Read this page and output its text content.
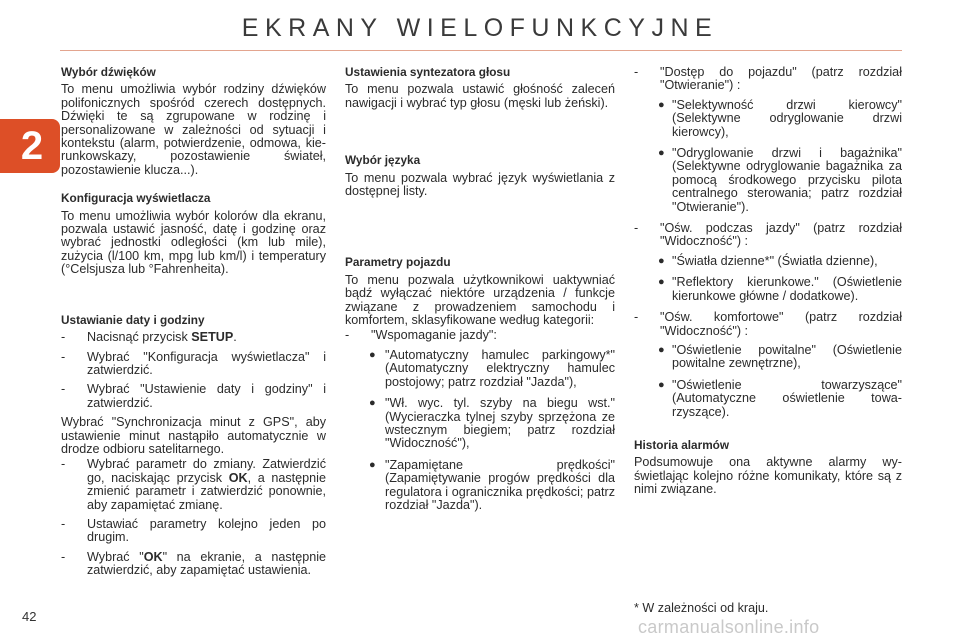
EKRANY WIELOFUNKCYJNE
2
Wybór dźwięków

To menu umożliwia wybór rodziny dźwięków polifonicznych spośród czerech dostępnych. Dźwięki te są zgrupowane w rodzinę i personalizowane w zależności od sytuacji i kontekstu (alarm, potwierdzenie, odmowa, kierunkowskazy, pozostawienie świateł, pozostawienie klucza...).

Konfiguracja wyświetlacza

To menu umożliwia wybór kolorów dla ekranu, pozwala ustawić jasność, datę i godzinę oraz wybrać jednostki odległości (km lub mile), zużycia (l/100 km, mpg lub km/l) i temperatury (°Celsjusza lub °Fahrenheita).

Ustawianie daty i godziny
- Nacisnąć przycisk SETUP.
- Wybrać "Konfiguracja wyświetlacza" i zatwierdzić.
- Wybrać "Ustawienie daty i godziny" i zatwierdzić.

Wybrać "Synchronizacja minut z GPS", aby ustawienie minut nastąpiło automatycznie w drodze odbioru satelitarnego.

- Wybrać parametr do zmiany. Zatwierdzić go, naciskając przycisk OK, a następnie zmienić parametr i zatwierdzić ponownie, aby zapamiętać zmianę.
- Ustawiać parametry kolejno jeden po drugim.
- Wybrać "OK" na ekranie, a następnie zatwierdzić, aby zapamiętać ustawienia.
Ustawienia syntezatora głosu

To menu pozwala ustawić głośność zaleceń nawigacji i wybrać typ głosu (męski lub żeński).

Wybór języka

To menu pozwala wybrać język wyświetlania z dostępnej listy.

Parametry pojazdu

To menu pozwala użytkownikowi uaktywniać bądź wyłączać niektóre urządzenia / funkcje związane z prowadzeniem samochodu i komfortem, sklasyfikowane według kategorii:

- "Wspomaganie jazdy":
● "Automatyczny hamulec parkingowy*" (Automatyczny elektryczny hamulec postojowy; patrz rozdział "Jazda"),
● "Wł. wyc. tyl. szyby na biegu wst." (Wycieraczka tylnej szyby sprzężona ze wstecznym biegiem; patrz rozdział "Widoczność"),
● "Zapamiętane prędkości" (Zapamiętywanie progów prędkości dla regulatora i ogranicznika prędkości; patrz rozdział "Jazda").
- "Dostęp do pojazdu" (patrz rozdział "Otwieranie") :
● "Selektywność drzwi kierowcy" (Selektywne odryglowanie drzwi kierowcy),
● "Odryglowanie drzwi i bagażnika" (Selektywne odryglowanie bagażnika za pomocą środkowego przycisku pilota centralnego sterowania; patrz rozdział "Otwieranie").
- "Ośw. podczas jazdy" (patrz rozdział "Widoczność") :
● "Światła dzienne*" (Światła dzienne),
● "Reflektory kierunkowe." (Oświetlenie kierunkowe główne / dodatkowe).
- "Ośw. komfortowe" (patrz rozdział "Widoczność") :
● "Oświetlenie powitalne" (Oświetlenie powitalne zewnętrzne),
● "Oświetlenie towarzyszące" (Automatyczne oświetlenie towarzyszące).
Historia alarmów

Podsumowuje ona aktywne alarmy wyświetlając kolejno różne komunikaty, które są z nimi związane.

* W zależności od kraju.
42
carmanualsonline.info
